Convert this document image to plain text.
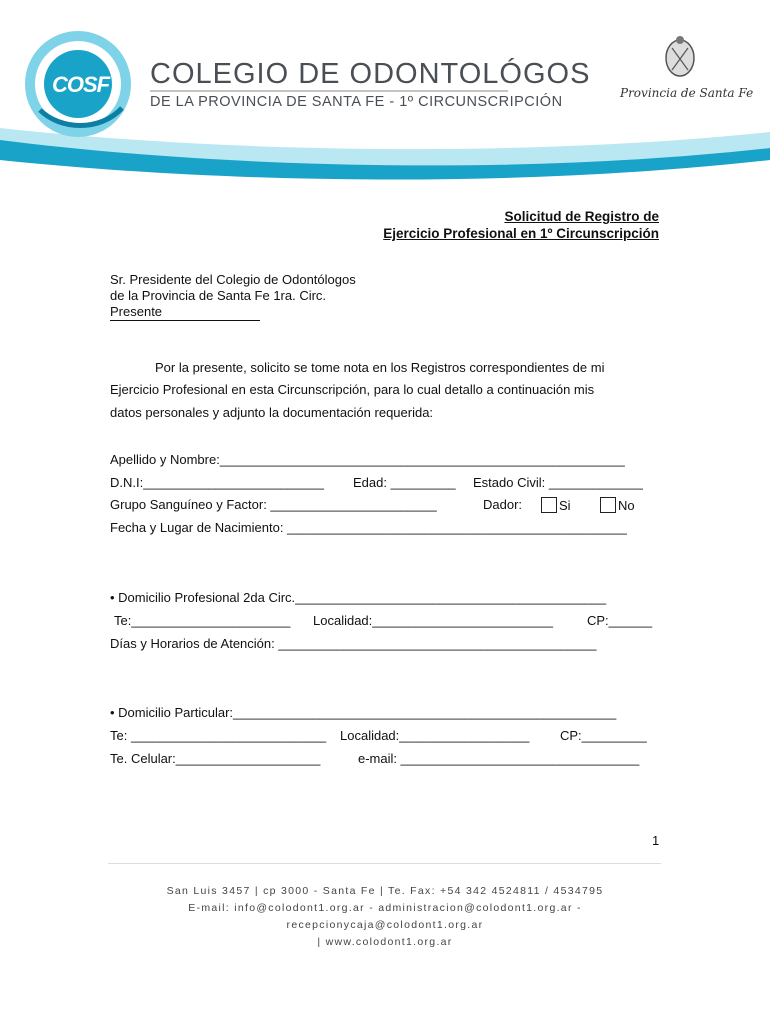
COSF COLEGIO DE ODONTOLÓGOS
DE LA PROVINCIA DE SANTA FE - 1º CIRCUNSCRIPCIÓN
Provincia de Santa Fe
Solicitud de Registro de
Ejercicio Profesional en 1º Circunscripción
Sr. Presidente del Colegio de Odontólogos
de la Provincia de Santa Fe 1ra. Circ.
Presente
Por la presente, solicito se tome nota en los Registros correspondientes de mi
Ejercicio Profesional en esta Circunscripción, para lo cual detallo a continuación mis
datos personales y adjunto la documentación requerida:
Apellido y Nombre:________________________________________________________
D.N.I:_________________________ Edad: _________ Estado Civil: _____________
Grupo Sanguíneo y Factor: _______________________	Dador:	Si	No
Fecha y Lugar de Nacimiento: _______________________________________________
• Domicilio Profesional 2da Circ.___________________________________________
Te:______________________ Localidad:_________________________	CP:______
Días y Horarios de Atención: ____________________________________________
• Domicilio Particular:_____________________________________________________
Te: ___________________________ Localidad:__________________ CP:_________
Te. Celular:____________________	e-mail: _________________________________
1
San Luis 3457 | cp 3000 - Santa Fe | Te. Fax: +54 342 4524811 / 4534795
E-mail: info@colodont1.org.ar - administracion@colodont1.org.ar -
recepcionycaja@colodont1.org.ar
| www.colodont1.org.ar
